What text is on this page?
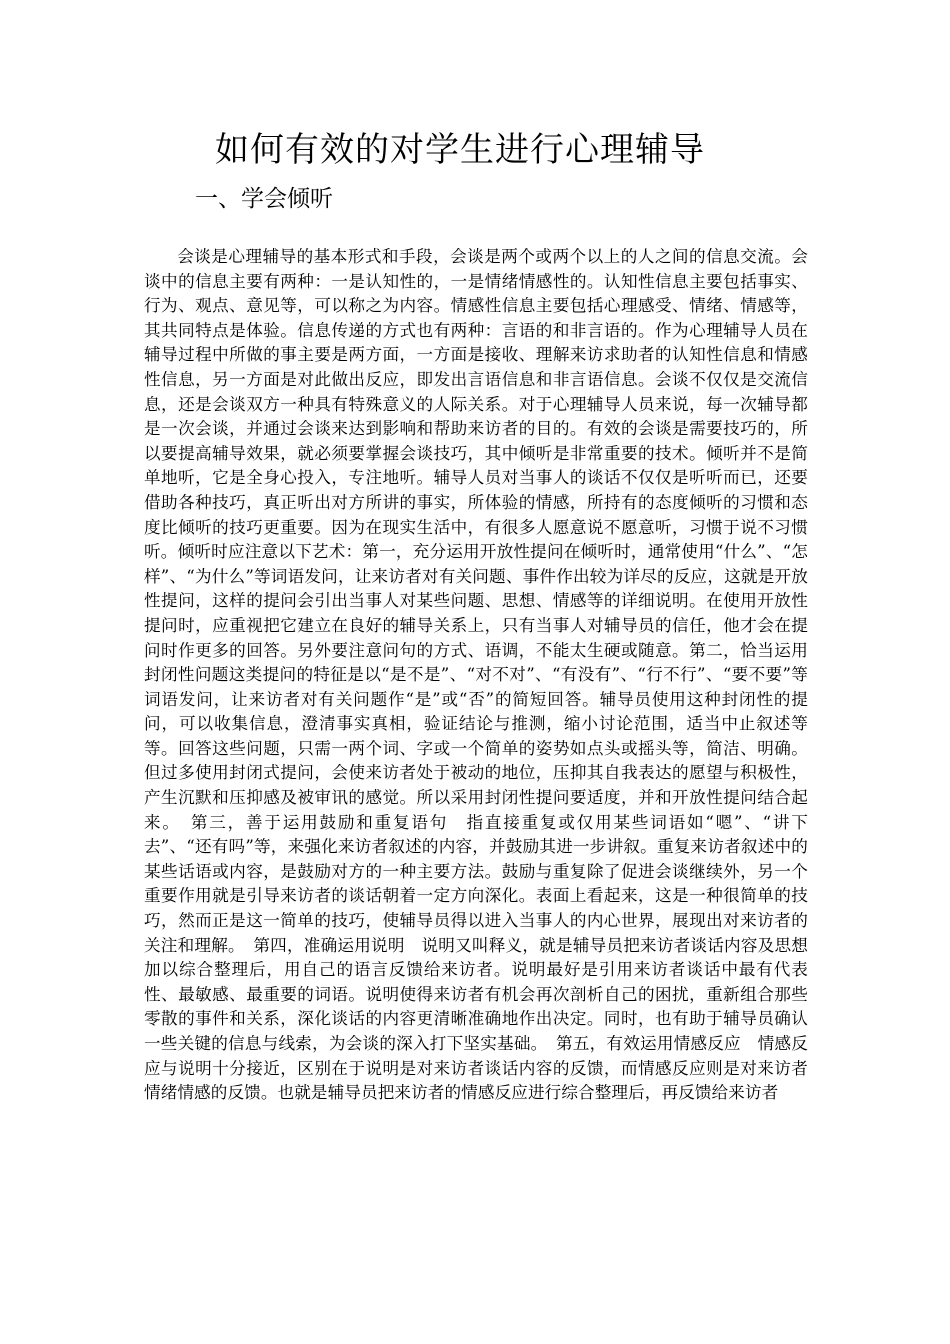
如何有效的对学生进行心理辅导
一、学会倾听

会谈是心理辅导的基本形式和手段，会谈是两个或两个以上的人之间的信息交流。会谈中的信息主要有两种：一是认知性的，一是情绪情感性的。认知性信息主要包括事实、行为、观点、意见等，可以称之为内容。情感性信息主要包括心理感受、情绪、情感等，其共同特点是体验。信息传递的方式也有两种：言语的和非言语的。作为心理辅导人员在辅导过程中所做的事主要是两方面，一方面是接收、理解来访求助者的认知性信息和情感性信息，另一方面是对此做出反应，即发出言语信息和非言语信息。会谈不仅仅是交流信息，还是会谈双方一种具有特殊意义的人际关系。对于心理辅导人员来说，每一次辅导都是一次会谈，并通过会谈来达到影响和帮助来访者的目的。有效的会谈是需要技巧的，所以要提高辅导效果，就必须要掌握会谈技巧，其中倾听是非常重要的技术。倾听并不是简单地听，它是全身心投入，专注地听。辅导人员对当事人的谈话不仅仅是听听而已，还要借助各种技巧，真正听出对方所讲的事实，所体验的情感，所持有的态度倾听的习惯和态度比倾听的技巧更重要。因为在现实生活中，有很多人愿意说不愿意听，习惯于说不习惯听。倾听时应注意以下艺术：第一，充分运用开放性提问在倾听时，通常使用“什么”、“怎样”、“为什么”等词语发问，让来访者对有关问题、事件作出较为详尽的反应，这就是开放性提问，这样的提问会引出当事人对某些问题、思想、情感等的详细说明。在使用开放性提问时，应重视把它建立在良好的辅导关系上，只有当事人对辅导员的信任，他才会在提问时作更多的回答。另外要注意问句的方式、语调，不能太生硬或随意。第二，恰当运用封闭性问题这类提问的特征是以“是不是”、“对不对”、“有没有”、“行不行”、“要不要”等词语发问，让来访者对有关问题作“是”或“否”的简短回答。辅导员使用这种封闭性的提问，可以收集信息，澄清事实真相，验证结论与推测，缩小讨论范围，适当中止叙述等等。回答这些问题，只需一两个词、字或一个简单的姿势如点头或摇头等，简洁、明确。但过多使用封闭式提问，会使来访者处于被动的地位，压抑其自我表达的愿望与积极性，产生沉默和压抑感及被审讯的感觉。所以采用封闭性提问要适度，并和开放性提问结合起来。　第三，善于运用鼓励和重复语句　指直接重复或仅用某些词语如“嗯”、“讲下去”、“还有吗”等，来强化来访者叙述的内容，并鼓励其进一步讲叙。重复来访者叙述中的某些话语或内容，是鼓励对方的一种主要方法。鼓励与重复除了促进会谈继续外，另一个重要作用就是引导来访者的谈话朝着一定方向深化。表面上看起来，这是一种很简单的技巧，然而正是这一简单的技巧，使辅导员得以进入当事人的内心世界，展现出对来访者的关注和理解。　第四，准确运用说明　说明又叫释义，就是辅导员把来访者谈话内容及思想加以综合整理后，用自己的语言反馈给来访者。说明最好是引用来访者谈话中最有代表性、最敏感、最重要的词语。说明使得来访者有机会再次剖析自己的困扰，重新组合那些零散的事件和关系，深化谈话的内容更清晰准确地作出决定。同时，也有助于辅导员确认一些关键的信息与线索，为会谈的深入打下坚实基础。　第五，有效运用情感反应　情感反应与说明十分接近，区别在于说明是对来访者谈话内容的反馈，而情感反应则是对来访者情绪情感的反馈。也就是辅导员把来访者的情感反应进行综合整理后，再反馈给来访者
